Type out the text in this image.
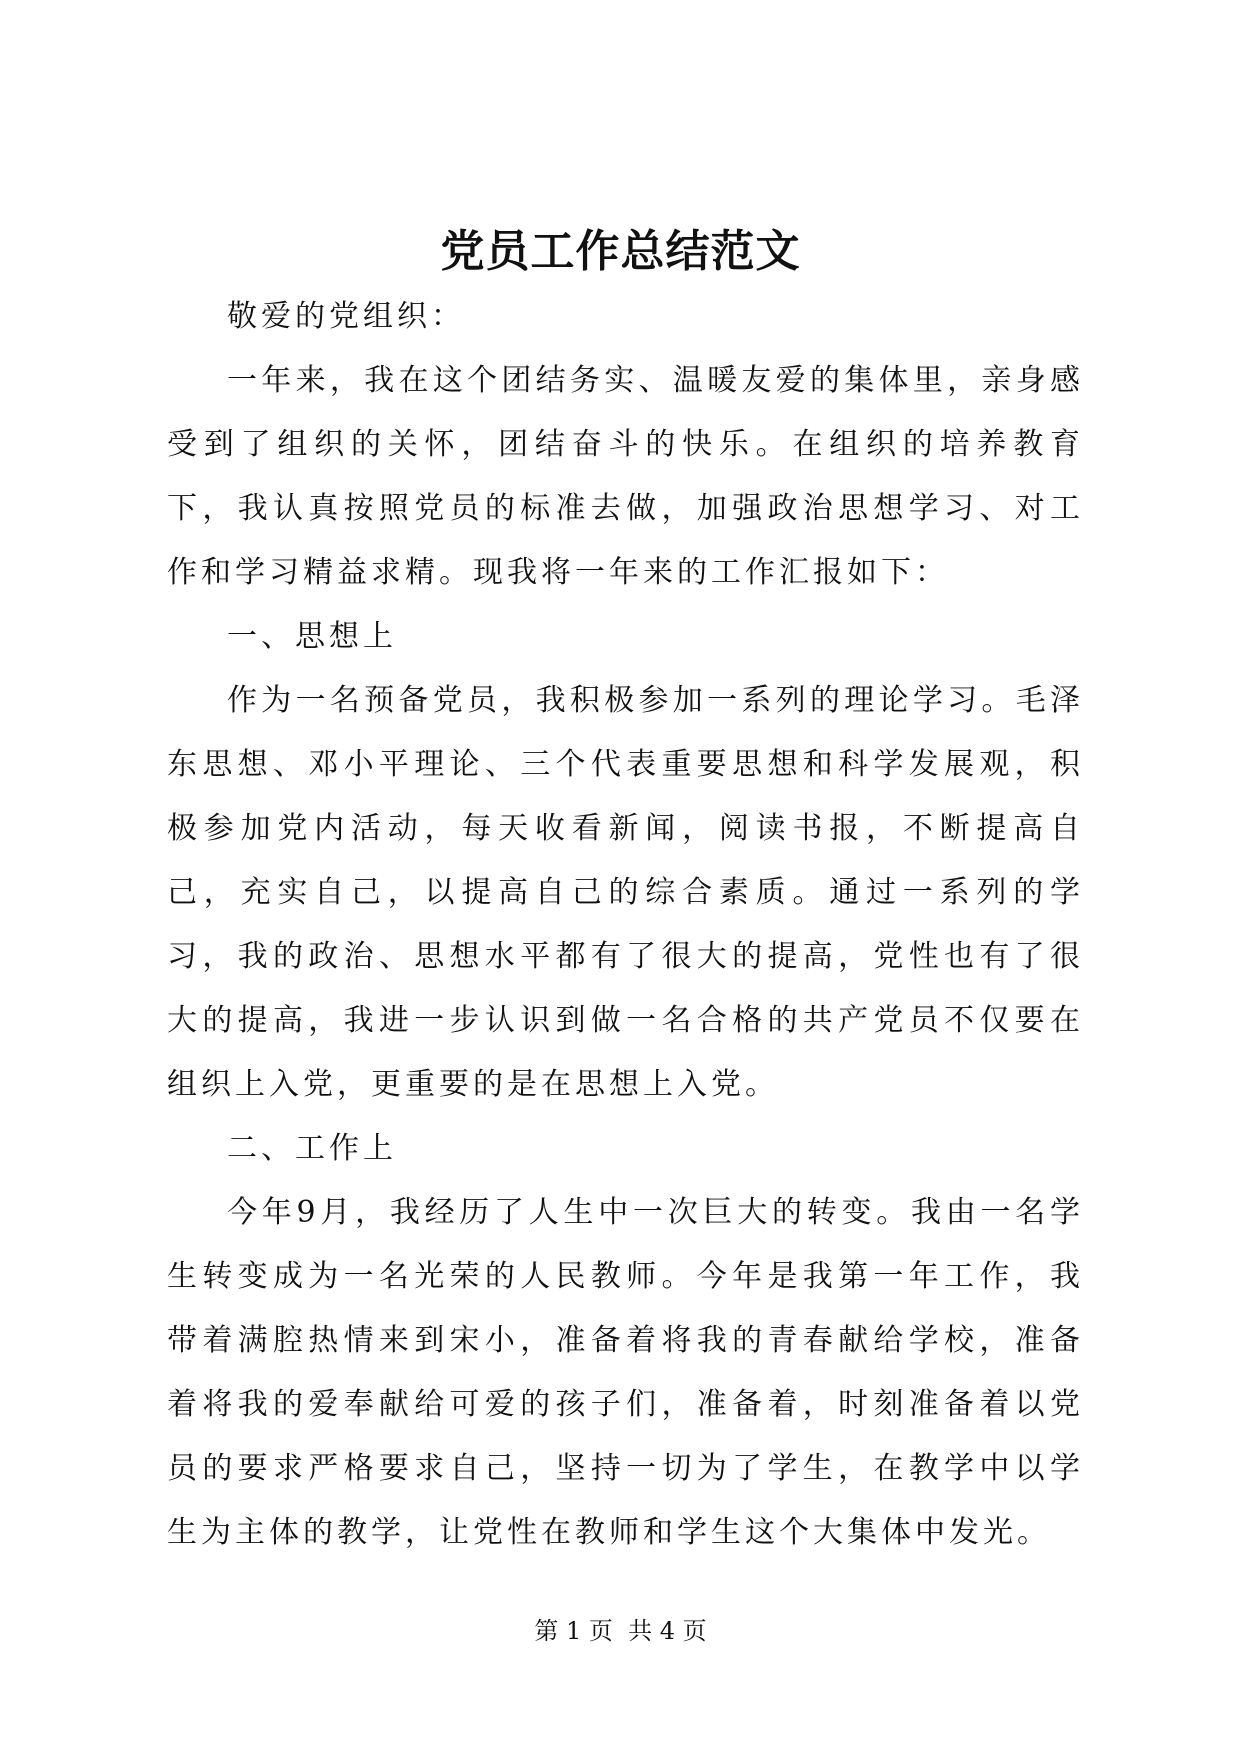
党员工作总结范文

敬爱的党组织：

一年来，我在这个团结务实、温暖友爱的集体里，亲身感受到了组织的关怀，团结奋斗的快乐。在组织的培养教育下，我认真按照党员的标准去做，加强政治思想学习、对工作和学习精益求精。现我将一年来的工作汇报如下：

一、思想上

作为一名预备党员，我积极参加一系列的理论学习。毛泽东思想、邓小平理论、三个代表重要思想和科学发展观，积极参加党内活动，每天收看新闻，阅读书报，不断提高自己，充实自己，以提高自己的综合素质。通过一系列的学习，我的政治、思想水平都有了很大的提高，党性也有了很大的提高，我进一步认识到做一名合格的共产党员不仅要在组织上入党，更重要的是在思想上入党。

二、工作上

今年9月，我经历了人生中一次巨大的转变。我由一名学生转变成为一名光荣的人民教师。今年是我第一年工作，我带着满腔热情来到宋小，准备着将我的青春献给学校，准备着将我的爱奉献给可爱的孩子们，准备着，时刻准备着以党员的要求严格要求自己，坚持一切为了学生，在教学中以学生为主体的教学，让党性在教师和学生这个大集体中发光。

第 1 页  共 4 页
